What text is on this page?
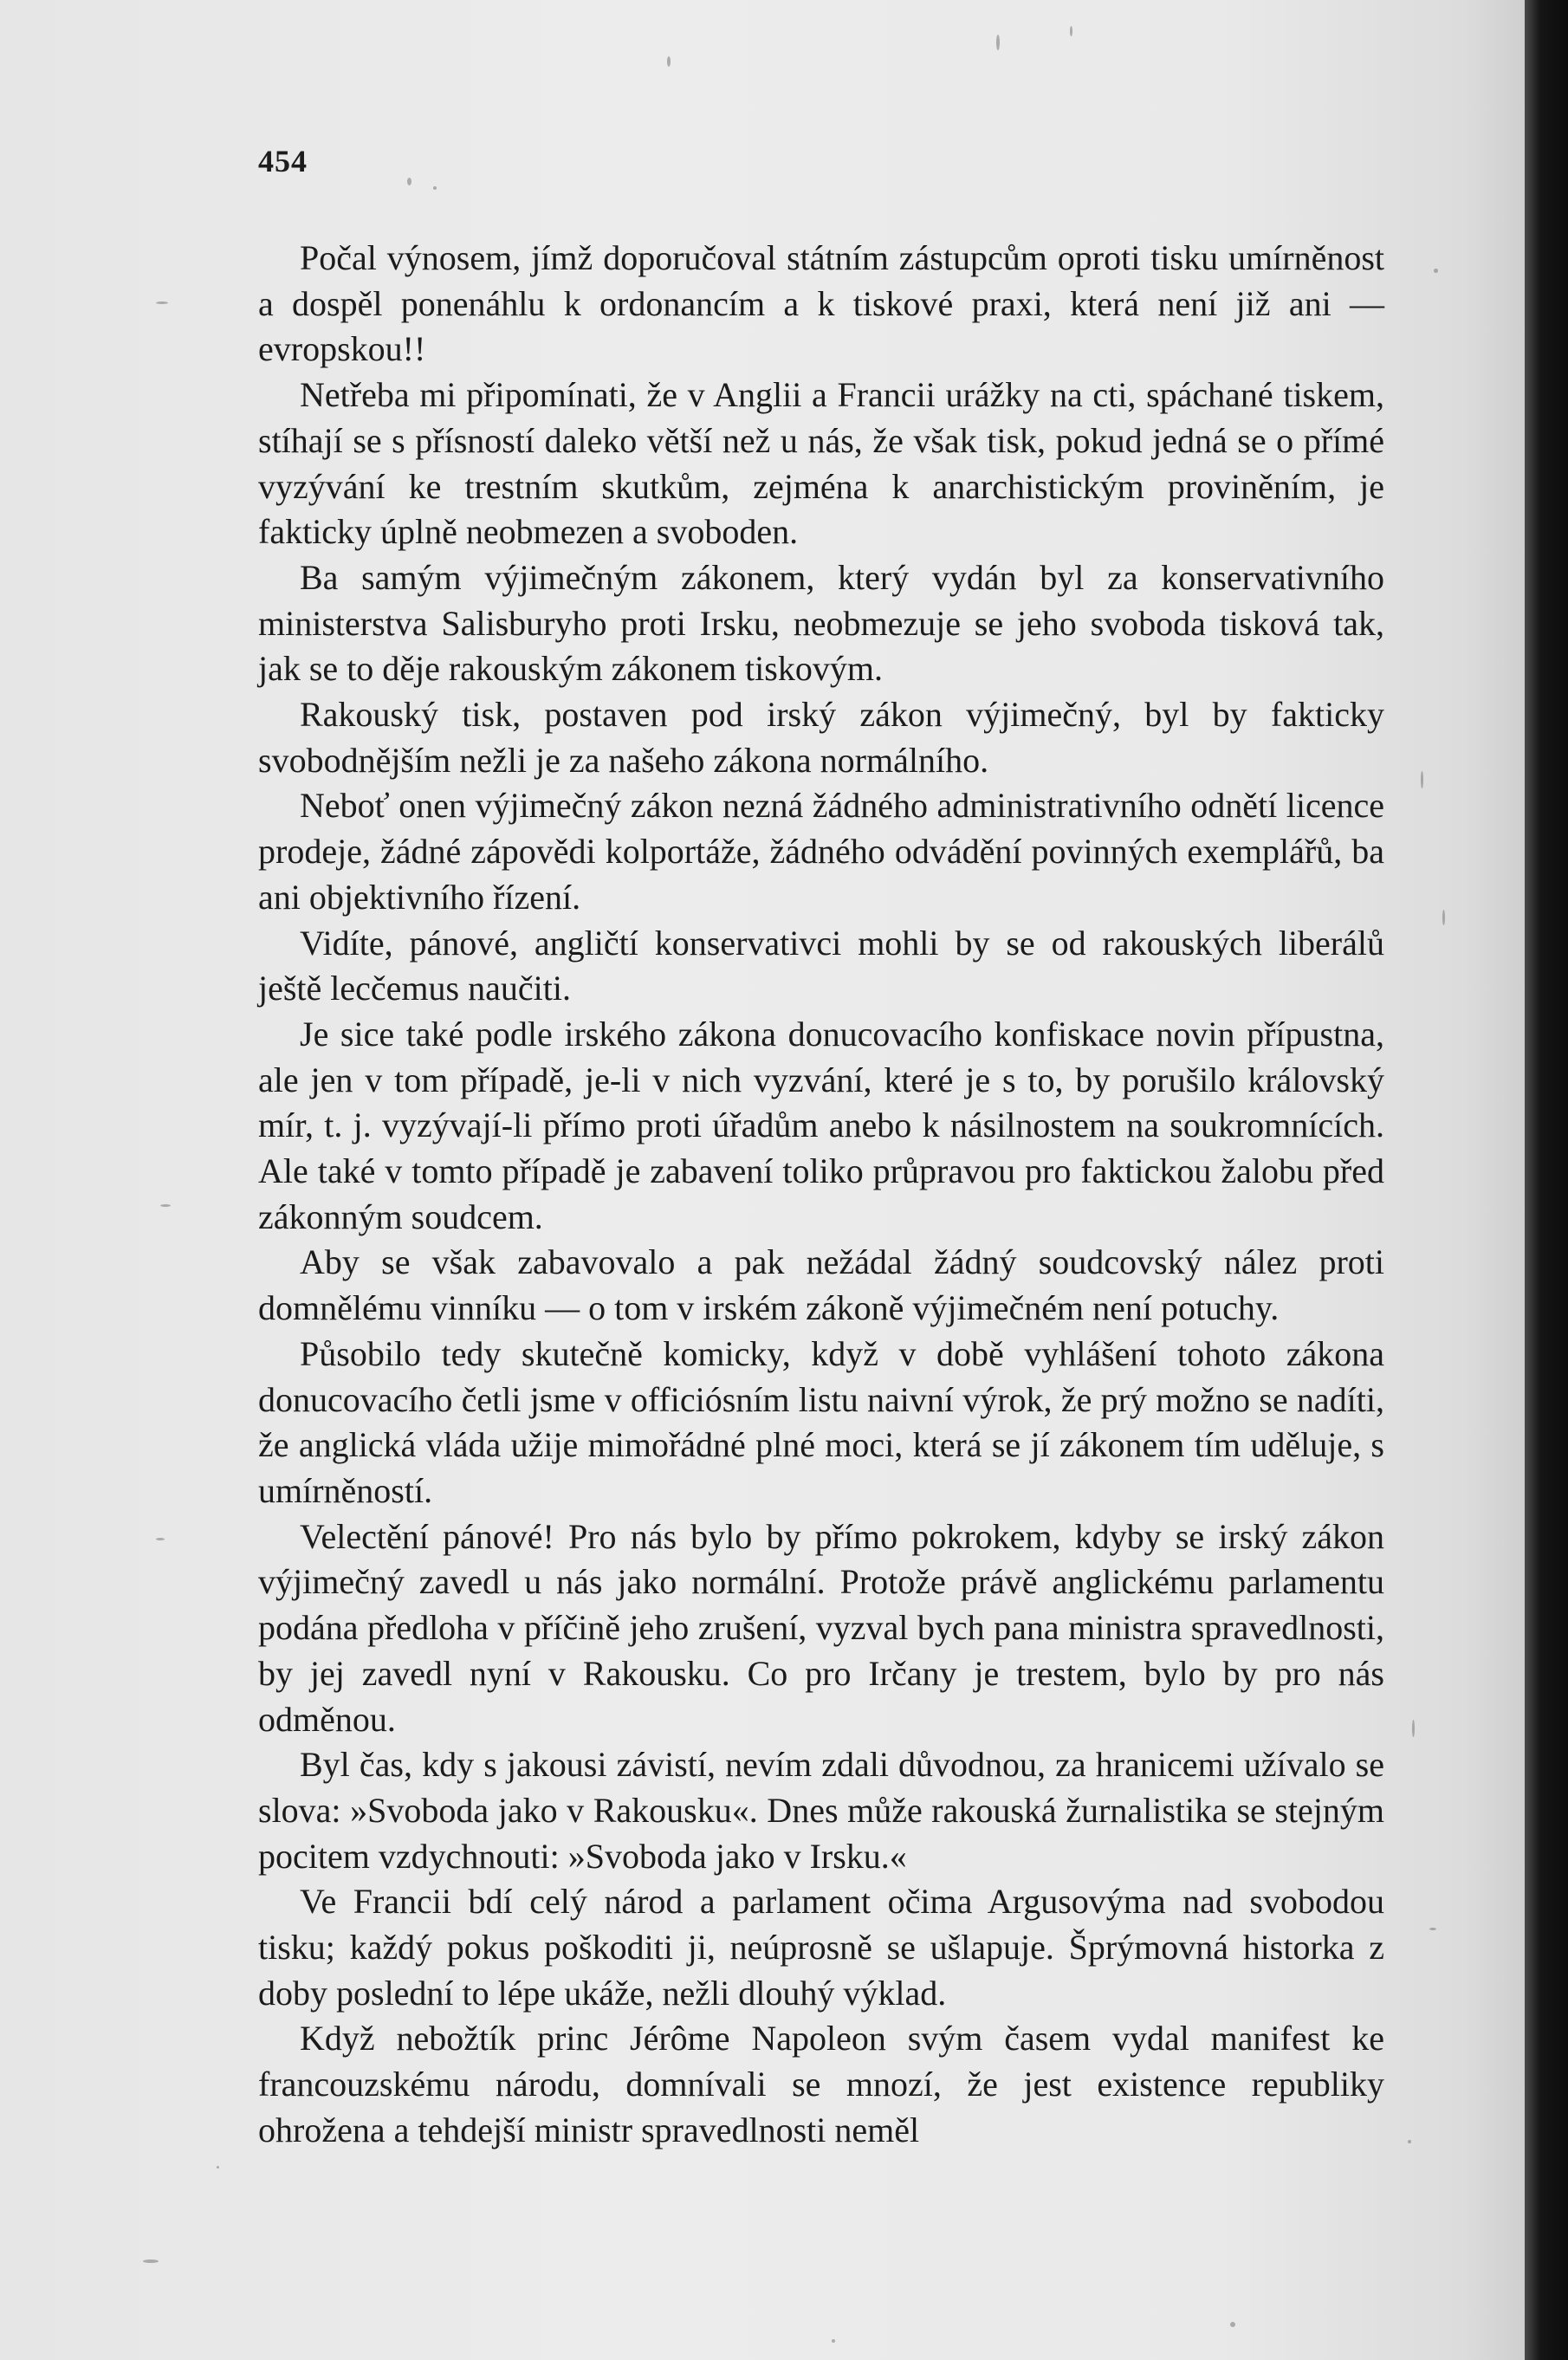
454

Počal výnosem, jímž doporučoval státním zástupcům oproti tisku umírněnost a dospěl ponenáhlu k ordonancím a k tiskové praxi, která není již ani — evropskou!!

Netřeba mi připomínati, že v Anglii a Francii urážky na cti, spáchané tiskem, stíhají se s přísností daleko větší než u nás, že však tisk, pokud jedná se o přímé vyzývání ke trestním skutkům, zejména k anarchistickým proviněním, je fakticky úplně neobmezen a svoboden.

Ba samým výjimečným zákonem, který vydán byl za konservativního ministerstva Salisburyho proti Irsku, neobmezuje se jeho svoboda tisková tak, jak se to děje rakouským zákonem tiskovým.

Rakouský tisk, postaven pod irský zákon výjimečný, byl by fakticky svobodnějším nežli je za našeho zákona normálního.

Neboť onen výjimečný zákon nezná žádného administrativního odnětí licence prodeje, žádné zápovědi kolportáže, žádného odvádění povinných exemplářů, ba ani objektivního řízení.

Vidíte, pánové, angličtí konservativci mohli by se od rakouských liberálů ještě lecčemus naučiti.

Je sice také podle irského zákona donucovacího konfiskace novin přípustna, ale jen v tom případě, je-li v nich vyzvání, které je s to, by porušilo královský mír, t. j. vyzývají-li přímo proti úřadům anebo k násilnostem na soukromnících. Ale také v tomto případě je zabavení toliko průpravou pro faktickou žalobu před zákonným soudcem.

Aby se však zabavovalo a pak nežádal žádný soudcovský nález proti domnělému vinníku — o tom v irském zákoně výjimečném není potuchy.

Působilo tedy skutečně komicky, když v době vyhlášení tohoto zákona donucovacího četli jsme v officiósním listu naivní výrok, že prý možno se nadíti, že anglická vláda užije mimořádné plné moci, která se jí zákonem tím uděluje, s umírněností.

Velectění pánové! Pro nás bylo by přímo pokrokem, kdyby se irský zákon výjimečný zavedl u nás jako normální. Protože právě anglickému parlamentu podána předloha v příčině jeho zrušení, vyzval bych pana ministra spravedlnosti, by jej zavedl nyní v Rakousku. Co pro Irčany je trestem, bylo by pro nás odměnou.

Byl čas, kdy s jakousi závistí, nevím zdali důvodnou, za hranicemi užívalo se slova: »Svoboda jako v Rakousku«. Dnes může rakouská žurnalistika se stejným pocitem vzdychnouti: »Svoboda jako v Irsku.«

Ve Francii bdí celý národ a parlament očima Argusovýma nad svobodou tisku; každý pokus poškoditi ji, neúprosně se ušlapuje. Šprýmovná historka z doby poslední to lépe ukáže, nežli dlouhý výklad.

Když nebožtík princ Jérôme Napoleon svým časem vydal manifest ke francouzskému národu, domnívali se mnozí, že jest existence republiky ohrožena a tehdejší ministr spravedlnosti neměl
